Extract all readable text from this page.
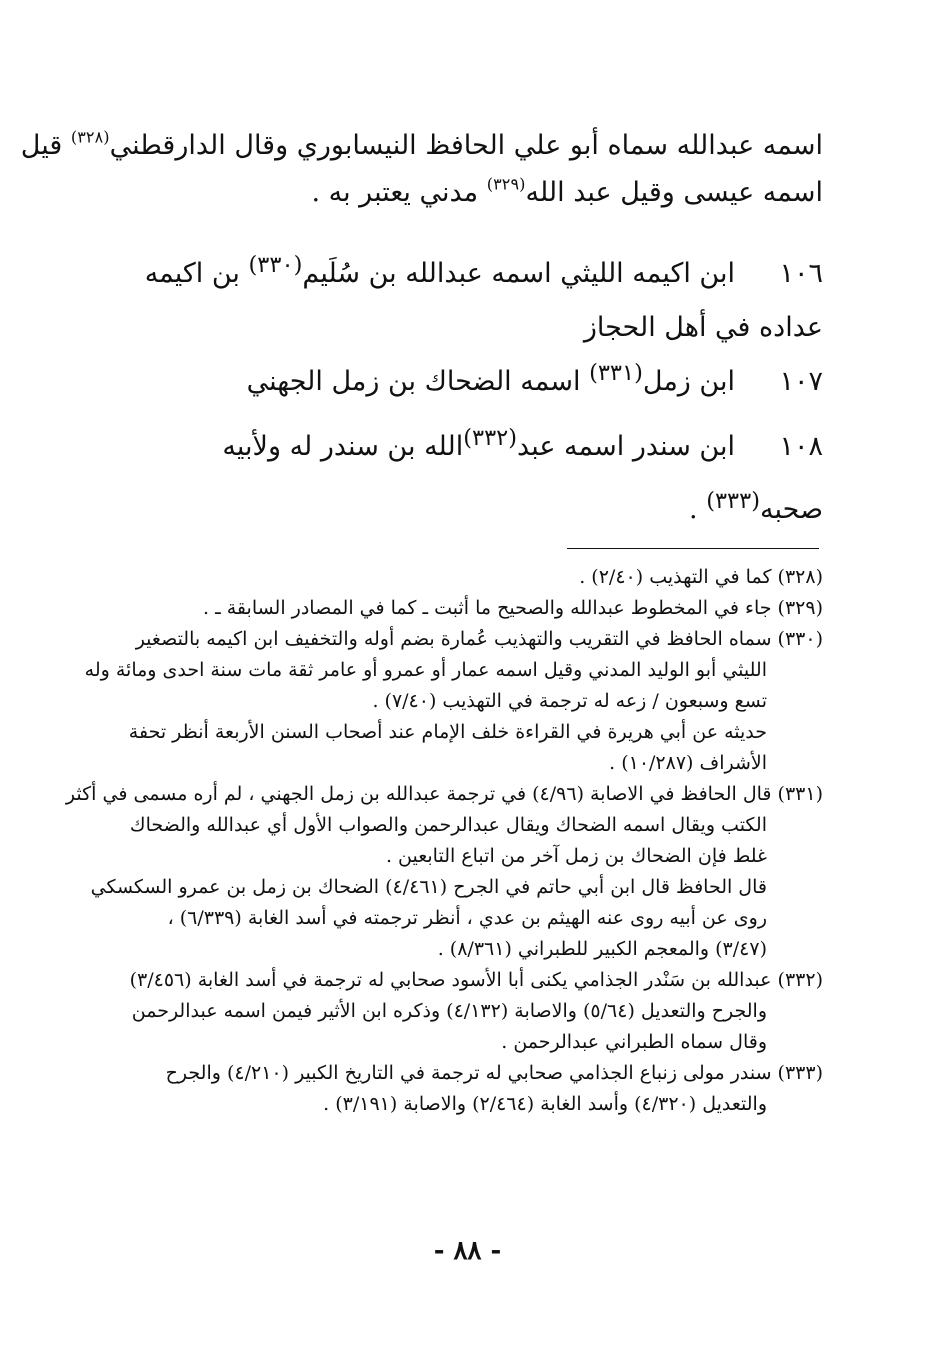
اسمه عبدالله سماه أبو علي الحافظ النيسابوري وقال الدارقطني$^{(٣٢٨)}$ قيل
اسمه عيسى وقيل عبد الله$^{(٣٢٩)}$ مدني يعتبر به .
١٠٦ابن اكيمه الليثي اسمه عبدالله بن سُلَيم$^{(٣٣٠)}$ بن اكيمه
عداده في أهل الحجاز
١٠٧ابن زمل$^{(٣٣١)}$ اسمه الضحاك بن زمل الجهني
١٠٨ابن سندر اسمه عبد$^{(٣٣٢)}$الله بن سندر له ولأبيه
صحبه$^{(٣٣٣)}$ .
(٣٢٨) كما في التهذيب (٢/٤٠) .
(٣٢٩) جاء في المخطوط عبدالله والصحيح ما أثبت ـ كما في المصادر السابقة ـ .
(٣٣٠) سماه الحافظ في التقريب والتهذيب عُمارة بضم أوله والتخفيف ابن اكيمه بالتصغير
الليثي أبو الوليد المدني وقيل اسمه عمار أو عمرو أو عامر ثقة مات سنة احدى ومائة وله
تسع وسبعون / زعه له ترجمة في التهذيب (٧/٤٠) .
حديثه عن أبي هريرة في القراءة خلف الإمام عند أصحاب السنن الأربعة أنظر تحفة
الأشراف (١٠/٢٨٧) .
(٣٣١) قال الحافظ في الاصابة (٤/٩٦) في ترجمة عبدالله بن زمل الجهني ، لم أره مسمى في أكثر
الكتب ويقال اسمه الضحاك ويقال عبدالرحمن والصواب الأول أي عبدالله والضحاك
غلط فإن الضحاك بن زمل آخر من اتباع التابعين .
قال الحافظ قال ابن أبي حاتم في الجرح (٤/٤٦١) الضحاك بن زمل بن عمرو السكسكي
روى عن أبيه روى عنه الهيثم بن عدي ، أنظر ترجمته في أسد الغابة (٦/٣٣٩) ،
(٣/٤٧) والمعجم الكبير للطبراني (٨/٣٦١) .
(٣٣٢) عبدالله بن سَنْدر الجذامي يكنى أبا الأسود صحابي له ترجمة في أسد الغابة (٣/٤٥٦)
والجرح والتعديل (٥/٦٤) والاصابة (٤/١٣٢) وذكره ابن الأثير فيمن اسمه عبدالرحمن
وقال سماه الطبراني عبدالرحمن .
(٣٣٣) سندر مولى زنباع الجذامي صحابي له ترجمة في التاريخ الكبير (٤/٢١٠) والجرح
والتعديل (٤/٣٢٠) وأسد الغابة (٢/٤٦٤) والاصابة (٣/١٩١) .
- ٨٨ -
